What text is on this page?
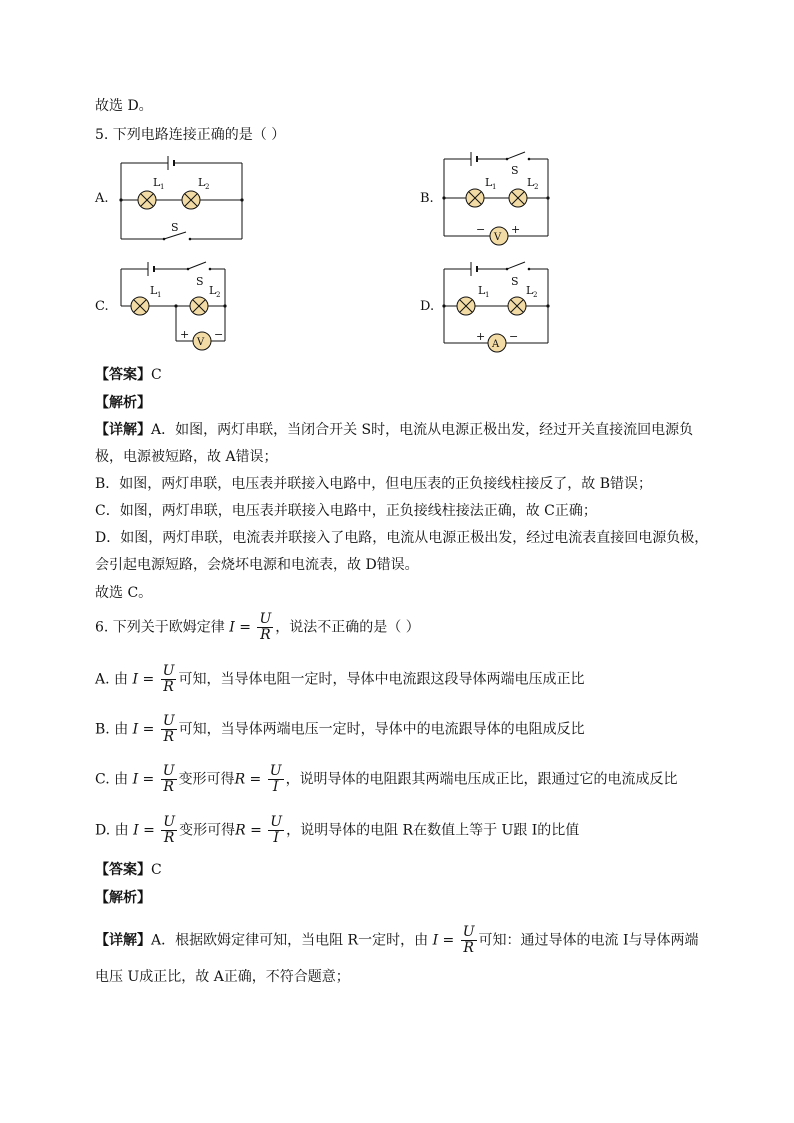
故选 D。
5. 下列电路连接正确的是（ ）
A.	B.
C.	D.
L 1	L 2
S
S
L 1	L 2
V
− +
S
L 1	L 2
V
+ −
S
L 1	L 2
A
+ −
【答案】C
【解析】
【详解】A．如图，两灯串联，当闭合开关 S时，电流从电源正极出发，经过开关直接流回电源负
极，电源被短路，故 A错误；
B．如图，两灯串联，电压表并联接入电路中，但电压表的正负接线柱接反了，故 B错误；
C．如图，两灯串联，电压表并联接入电路中，正负接线柱接法正确，故 C正确；
D．如图，两灯串联，电流表并联接入了电路，电流从电源正极出发，经过电流表直接回电源负极，
会引起电源短路，会烧坏电源和电流表，故 D错误。
故选 C。
6. 下列关于欧姆定律 $I = \frac{U}{R}$ ，说法不正确的是（ ）
A. 由 $I = \frac{U}{R}$ 可知，当导体电阻一定时，导体中电流跟这段导体两端电压成正比
B. 由 $I = \frac{U}{R}$ 可知，当导体两端电压一定时，导体中的电流跟导体的电阻成反比
C. 由 $I = \frac{U}{R}$ 变形可得$R = \frac{U}{I}$ ，说明导体的电阻跟其两端电压成正比，跟通过它的电流成反比
D. 由 $I = \frac{U}{R}$ 变形可得$R = \frac{U}{I}$ ，说明导体的电阻 R在数值上等于 U跟 I的比值
【答案】C
【解析】
【详解】A．根据欧姆定律可知，当电阻 R一定时，由 $I = \frac{U}{R}$ 可知：通过导体的电流 I与导体两端
电压 U成正比，故 A正确，不符合题意；
